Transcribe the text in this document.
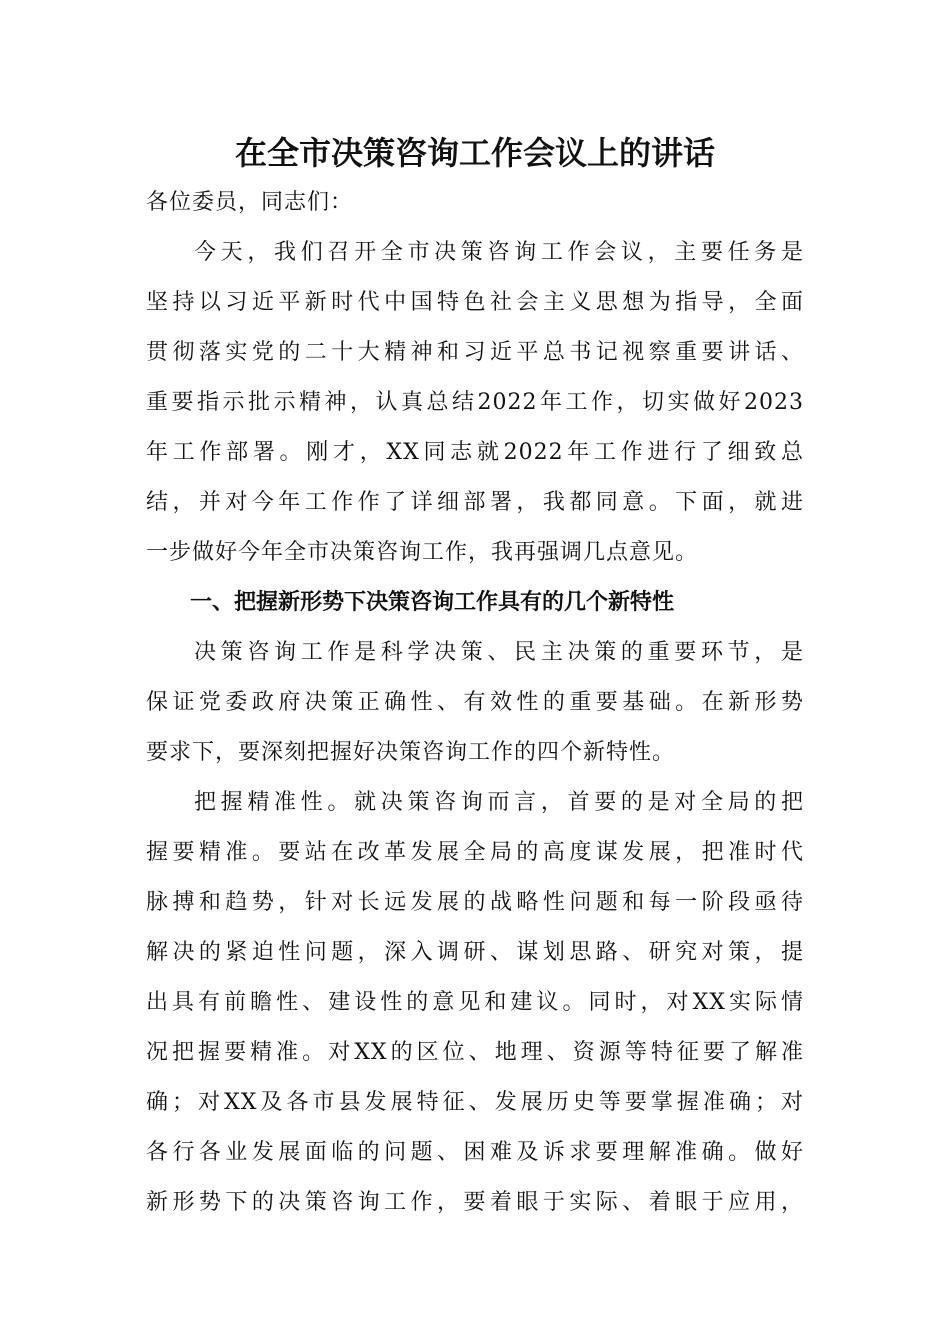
在全市决策咨询工作会议上的讲话

各位委员，同志们：

今天，我们召开全市决策咨询工作会议，主要任务是
坚持以习近平新时代中国特色社会主义思想为指导，全面
贯彻落实党的二十大精神和习近平总书记视察重要讲话、
重要指示批示精神，认真总结2022年工作，切实做好2023
年工作部署。刚才，XX同志就2022年工作进行了细致总
结，并对今年工作作了详细部署，我都同意。下面，就进
一步做好今年全市决策咨询工作，我再强调几点意见。

一、把握新形势下决策咨询工作具有的几个新特性

决策咨询工作是科学决策、民主决策的重要环节，是
保证党委政府决策正确性、有效性的重要基础。在新形势
要求下，要深刻把握好决策咨询工作的四个新特性。
把握精准性。就决策咨询而言，首要的是对全局的把
握要精准。要站在改革发展全局的高度谋发展，把准时代
脉搏和趋势，针对长远发展的战略性问题和每一阶段亟待
解决的紧迫性问题，深入调研、谋划思路、研究对策，提
出具有前瞻性、建设性的意见和建议。同时，对XX实际情
况把握要精准。对XX的区位、地理、资源等特征要了解准
确；对XX及各市县发展特征、发展历史等要掌握准确；对
各行各业发展面临的问题、困难及诉求要理解准确。做好
新形势下的决策咨询工作，要着眼于实际、着眼于应用，
